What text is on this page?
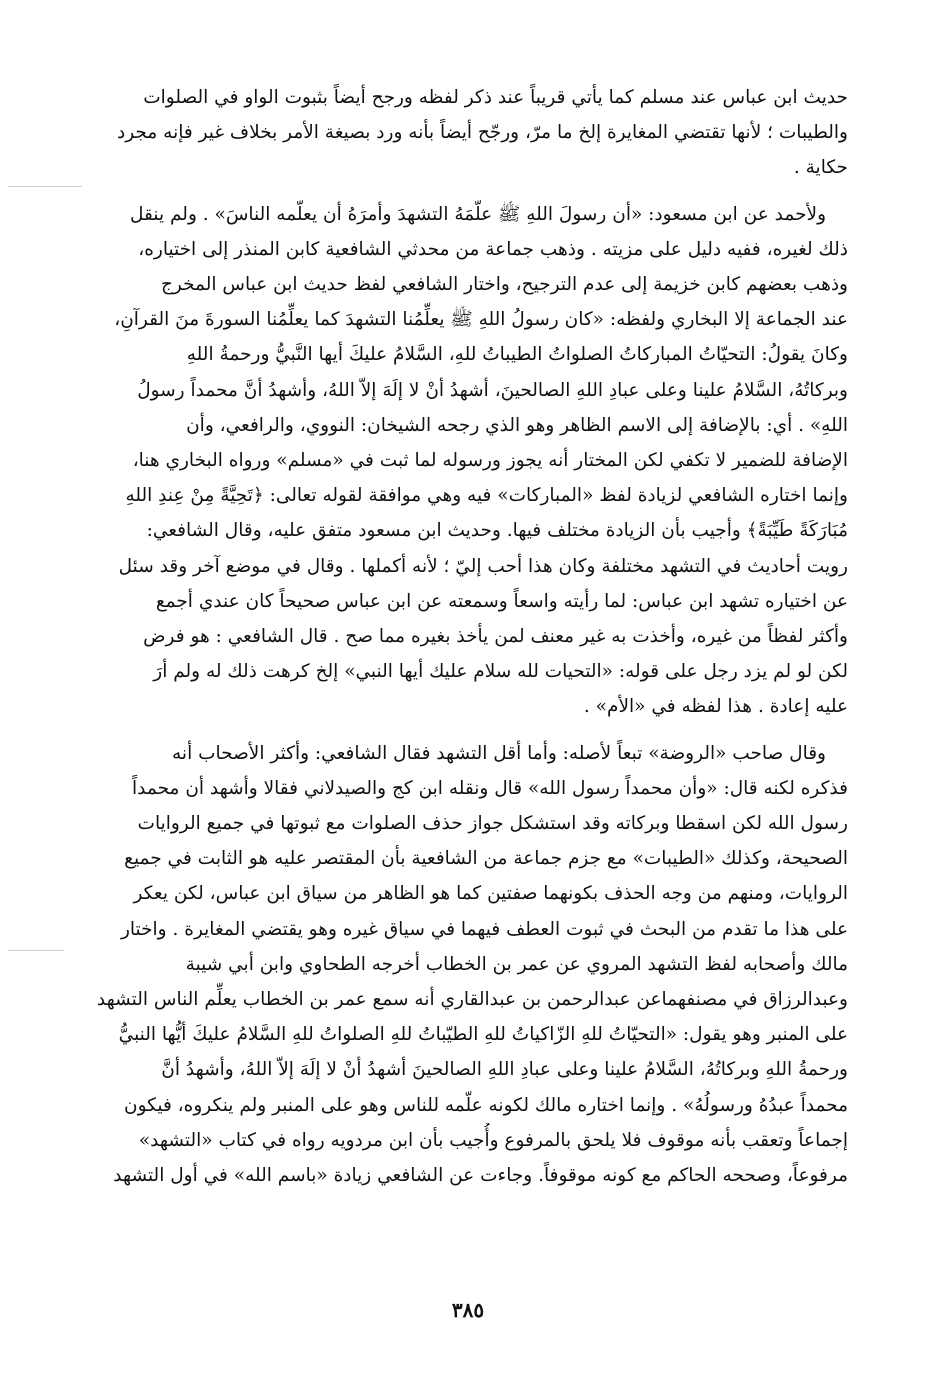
حديث ابن عباس عند مسلم كما يأتي قريباً عند ذكر لفظه ورجح أيضاً بثبوت الواو في الصلوات
والطيبات ؛ لأنها تقتضي المغايرة إلخ ما مرّ، ورجّح أيضاً بأنه ورد بصيغة الأمر بخلاف غير فإنه مجرد
حكاية .

ولأحمد عن ابن مسعود: «أن رسولَ اللهِ ﷺ علّمَهُ التشهدَ وأمرَهُ أن يعلّمه الناسَ» . ولم ينقل
ذلك لغيره، ففيه دليل على مزيته . وذهب جماعة من محدثي الشافعية كابن المنذر إلى اختياره،
وذهب بعضهم كابن خزيمة إلى عدم الترجيح، واختار الشافعي لفظ حديث ابن عباس المخرج
عند الجماعة إلا البخاري ولفظه: «كان رسولُ اللهِ ﷺ يعلِّمُنا التشهدَ كما يعلِّمُنا السورةَ منَ القرآنِ،
وكانَ يقولُ: التحيّاتُ المباركاتُ الصلواتُ الطيباتُ للهِ، السَّلامُ عليكَ أيها النَّبيُّ ورحمةُ اللهِ
وبركاتُهُ، السَّلامُ علينا وعلى عبادِ اللهِ الصالحينَ، أشهدُ أنْ لا إلَهَ إلاّ اللهُ، وأشهدُ أنَّ محمداً رسولُ
اللهِ» . أي: بالإضافة إلى الاسم الظاهر وهو الذي رجحه الشيخان: النووي، والرافعي، وأن
الإضافة للضمير لا تكفي لكن المختار أنه يجوز ورسوله لما ثبت في «مسلم» ورواه البخاري هنا،
وإنما اختاره الشافعي لزيادة لفظ «المباركات» فيه وهي موافقة لقوله تعالى: ﴿تَحِيَّةً مِنْ عِندِ اللهِ
مُبَارَكَةً طَيِّبَةً﴾ وأجيب بأن الزيادة مختلف فيها. وحديث ابن مسعود متفق عليه، وقال الشافعي:
رويت أحاديث في التشهد مختلفة وكان هذا أحب إليّ ؛ لأنه أكملها . وقال في موضع آخر وقد سئل
عن اختياره تشهد ابن عباس: لما رأيته واسعاً وسمعته عن ابن عباس صحيحاً كان عندي أجمع
وأكثر لفظاً من غيره، وأخذت به غير معنف لمن يأخذ بغيره مما صح . قال الشافعي : هو فرض
لكن لو لم يزد رجل على قوله: «التحيات لله سلام عليك أيها النبي» إلخ كرهت ذلك له ولم أرَ
عليه إعادة . هذا لفظه في «الأم» .

وقال صاحب «الروضة» تبعاً لأصله: وأما أقل التشهد فقال الشافعي: وأكثر الأصحاب أنه
فذكره لكنه قال: «وأن محمداً رسول الله» قال ونقله ابن كج والصيدلاني فقالا وأشهد أن محمداً
رسول الله لكن اسقطا وبركاته وقد استشكل جواز حذف الصلوات مع ثبوتها في جميع الروايات
الصحيحة، وكذلك «الطيبات» مع جزم جماعة من الشافعية بأن المقتصر عليه هو الثابت في جميع
الروايات، ومنهم من وجه الحذف بكونهما صفتين كما هو الظاهر من سياق ابن عباس، لكن يعكر
على هذا ما تقدم من البحث في ثبوت العطف فيهما في سياق غيره وهو يقتضي المغايرة . واختار
مالك وأصحابه لفظ التشهد المروي عن عمر بن الخطاب أخرجه الطحاوي وابن أبي شيبة
وعبدالرزاق في مصنفهماعن عبدالرحمن بن عبدالقاري أنه سمع عمر بن الخطاب يعلِّم الناس التشهد
على المنبر وهو يقول: «التحيّاتُ للهِ الزّاكياتُ للهِ الطيّباتُ للهِ الصلواتُ للهِ السَّلامُ عليكَ أيُّها النبيُّ
ورحمةُ اللهِ وبركاتُهُ، السَّلامُ علينا وعلى عبادِ اللهِ الصالحينَ أشهدُ أنْ لا إلَهَ إلاّ اللهُ، وأشهدُ أنَّ
محمداً عبدُهُ ورسولُهُ» . وإنما اختاره مالك لكونه علّمه للناس وهو على المنبر ولم ينكروه، فيكون
إجماعاً وتعقب بأنه موقوف فلا يلحق بالمرفوع وأُجيب بأن ابن مردويه رواه في كتاب «التشهد»
مرفوعاً، وصححه الحاكم مع كونه موقوفاً. وجاءت عن الشافعي زيادة «باسم الله» في أول التشهد

٣٨٥
